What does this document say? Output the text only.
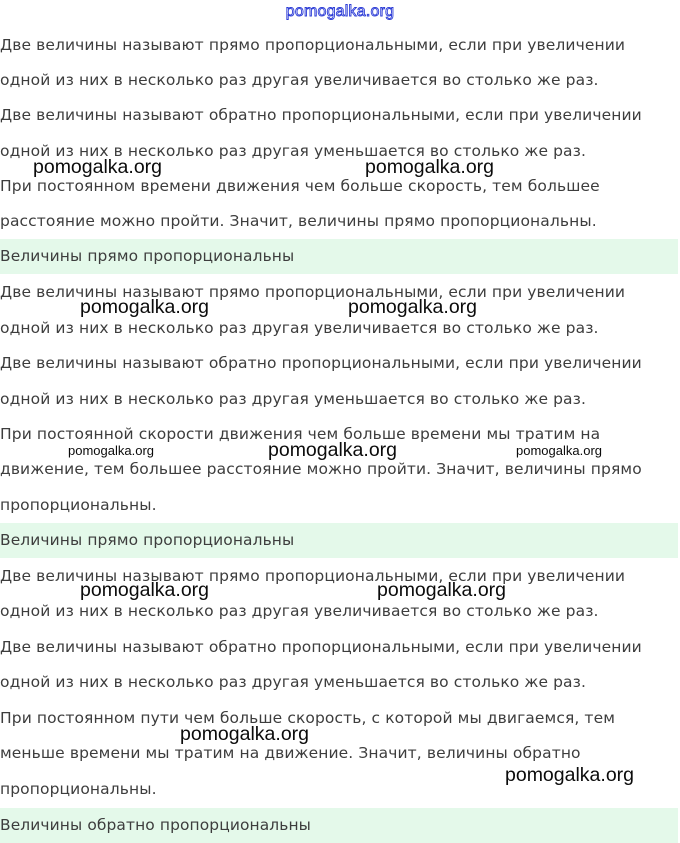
pomogalka.org

Две величины называют прямо пропорциональными, если при увеличении

одной из них в несколько раз другая увеличивается во столько же раз.

Две величины называют обратно пропорциональными, если при увеличении

одной из них в несколько раз другая уменьшается во столько же раз.

При постоянном времени движения чем больше скорость, тем большее

расстояние можно пройти. Значит, величины прямо пропорциональны.

Величины прямо пропорциональны

Две величины называют прямо пропорциональными, если при увеличении

одной из них в несколько раз другая увеличивается во столько же раз.

Две величины называют обратно пропорциональными, если при увеличении

одной из них в несколько раз другая уменьшается во столько же раз.

При постоянной скорости движения чем больше времени мы тратим на

движение, тем большее расстояние можно пройти. Значит, величины прямо

пропорциональны.

Величины прямо пропорциональны

Две величины называют прямо пропорциональными, если при увеличении

одной из них в несколько раз другая увеличивается во столько же раз.

Две величины называют обратно пропорциональными, если при увеличении

одной из них в несколько раз другая уменьшается во столько же раз.

При постоянном пути чем больше скорость, с которой мы двигаемся, тем

меньше времени мы тратим на движение. Значит, величины обратно

пропорциональны.

Величины обратно пропорциональны
pomogalka.org	pomogalka.org
pomogalka.org	pomogalka.org
pomogalka.org	pomogalka.org	pomogalka.org
pomogalka.org	pomogalka.org
pomogalka.org
pomogalka.org
